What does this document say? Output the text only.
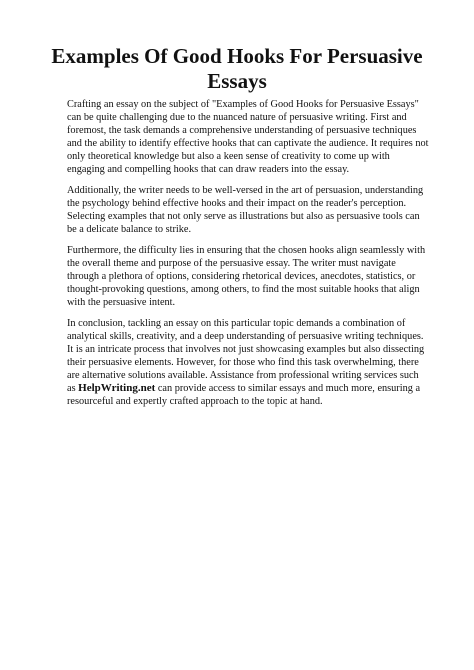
Examples Of Good Hooks For Persuasive Essays

Crafting an essay on the subject of "Examples of Good Hooks for Persuasive Essays" can be quite challenging due to the nuanced nature of persuasive writing. First and foremost, the task demands a comprehensive understanding of persuasive techniques and the ability to identify effective hooks that can captivate the audience. It requires not only theoretical knowledge but also a keen sense of creativity to come up with engaging and compelling hooks that can draw readers into the essay.

Additionally, the writer needs to be well-versed in the art of persuasion, understanding the psychology behind effective hooks and their impact on the reader's perception. Selecting examples that not only serve as illustrations but also as persuasive tools can be a delicate balance to strike.

Furthermore, the difficulty lies in ensuring that the chosen hooks align seamlessly with the overall theme and purpose of the persuasive essay. The writer must navigate through a plethora of options, considering rhetorical devices, anecdotes, statistics, or thought-provoking questions, among others, to find the most suitable hooks that align with the persuasive intent.

In conclusion, tackling an essay on this particular topic demands a combination of analytical skills, creativity, and a deep understanding of persuasive writing techniques. It is an intricate process that involves not just showcasing examples but also dissecting their persuasive elements. However, for those who find this task overwhelming, there are alternative solutions available. Assistance from professional writing services such as HelpWriting.net can provide access to similar essays and much more, ensuring a resourceful and expertly crafted approach to the topic at hand.
